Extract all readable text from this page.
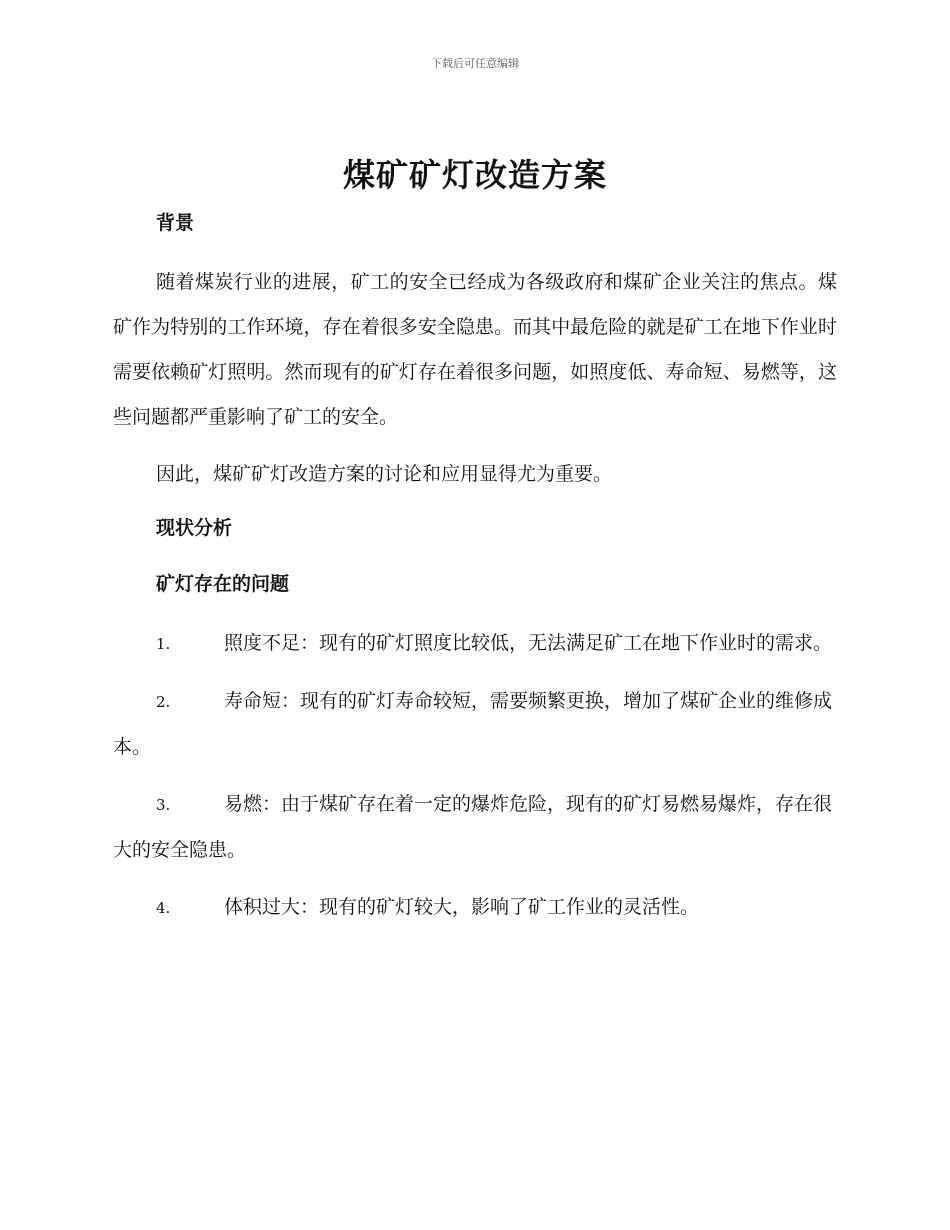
下载后可任意编辑
煤矿矿灯改造方案
背景

随着煤炭行业的进展，矿工的安全已经成为各级政府和煤矿企业关注的焦点。煤矿作为特别的工作环境，存在着很多安全隐患。而其中最危险的就是矿工在地下作业时需要依赖矿灯照明。然而现有的矿灯存在着很多问题，如照度低、寿命短、易燃等，这些问题都严重影响了矿工的安全。

因此，煤矿矿灯改造方案的讨论和应用显得尤为重要。

现状分析
矿灯存在的问题

1.	照度不足：现有的矿灯照度比较低，无法满足矿工在地下作业时的需求。

2.	寿命短：现有的矿灯寿命较短，需要频繁更换，增加了煤矿企业的维修成本。

3.	易燃：由于煤矿存在着一定的爆炸危险，现有的矿灯易燃易爆炸，存在很大的安全隐患。

4.	体积过大：现有的矿灯较大，影响了矿工作业的灵活性。
